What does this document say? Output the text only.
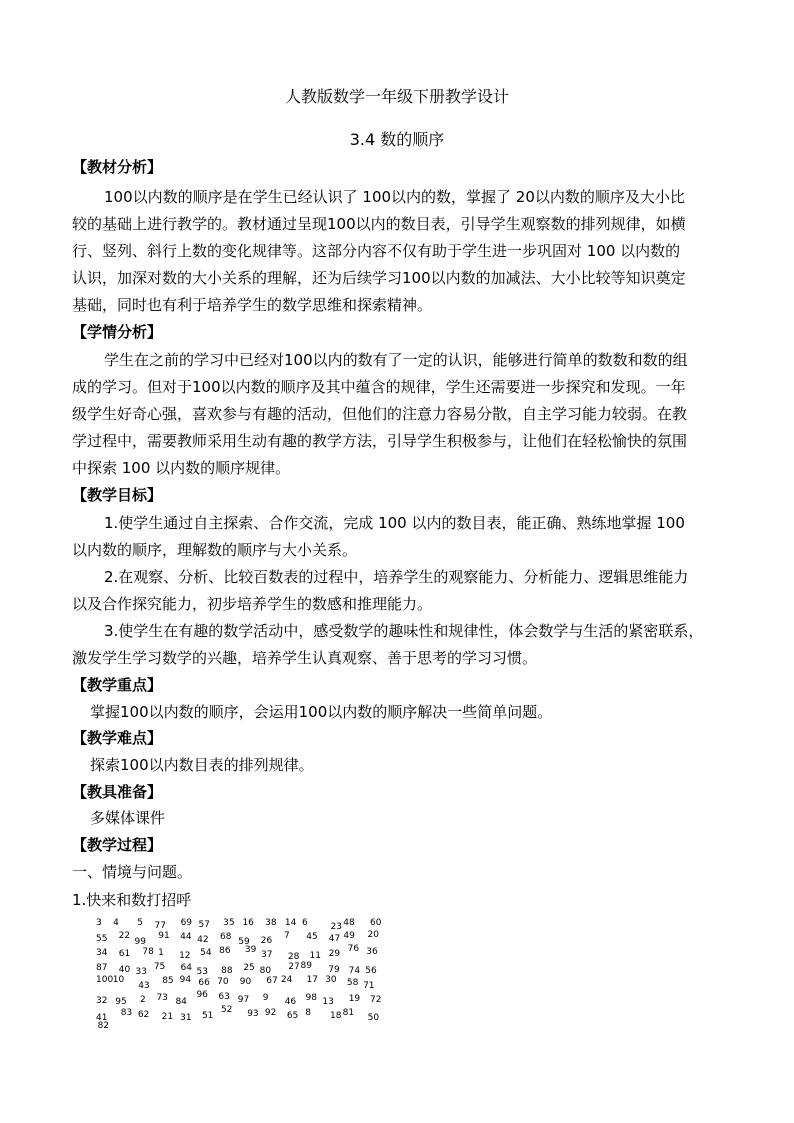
人教版数学一年级下册教学设计
3.4 数的顺序
【教材分析】
100以内数的顺序是在学生已经认识了 100以内的数，掌握了 20以内数的顺序及大小比
较的基础上进行教学的。教材通过呈现100以内的数目表，引导学生观察数的排列规律，如横
行、竖列、斜行上数的变化规律等。这部分内容不仅有助于学生进一步巩固对 100 以内数的
认识，加深对数的大小关系的理解，还为后续学习100以内数的加减法、大小比较等知识奠定
基础，同时也有利于培养学生的数学思维和探索精神。
【学情分析】
学生在之前的学习中已经对100以内的数有了一定的认识，能够进行简单的数数和数的组
成的学习。但对于100以内数的顺序及其中蕴含的规律，学生还需要进一步探究和发现。一年
级学生好奇心强，喜欢参与有趣的活动，但他们的注意力容易分散，自主学习能力较弱。在教
学过程中，需要教师采用生动有趣的教学方法，引导学生积极参与，让他们在轻松愉快的氛围
中探索 100 以内数的顺序规律。
【教学目标】
1.使学生通过自主探索、合作交流，完成 100 以内的数目表，能正确、熟练地掌握 100
以内数的顺序，理解数的顺序与大小关系。
2.在观察、分析、比较百数表的过程中，培养学生的观察能力、分析能力、逻辑思维能力
以及合作探究能力，初步培养学生的数感和推理能力。
3.使学生在有趣的数学活动中，感受数学的趣味性和规律性，体会数学与生活的紧密联系，
激发学生学习数学的兴趣，培养学生认真观察、善于思考的学习习惯。
【教学重点】
掌握100以内数的顺序，会运用100以内数的顺序解决一些简单问题。
【教学难点】
探索100以内数目表的排列规律。
【教具准备】
多媒体课件
【教学过程】
一、情境与问题。
1.快来和数打招呼
3 4 5 77 69 57 35 16 38 14 6	23 48 60
55 22
99
91 44 42 68 59 26
7 45 47 49 20
34 61 78 1 12 54 86 39
37 28 11 29 76 36
87 40 33 75 64 53 88 25 80 27 89 79 74 56
100 10
43
85 94 66 70 90 67 24 17 30 58 71
32 95 2 73 84
96 63 97 9 46 98 13 19 72
41 83 62 21 31 51
52 93 92 65 8 18 81 50
82
